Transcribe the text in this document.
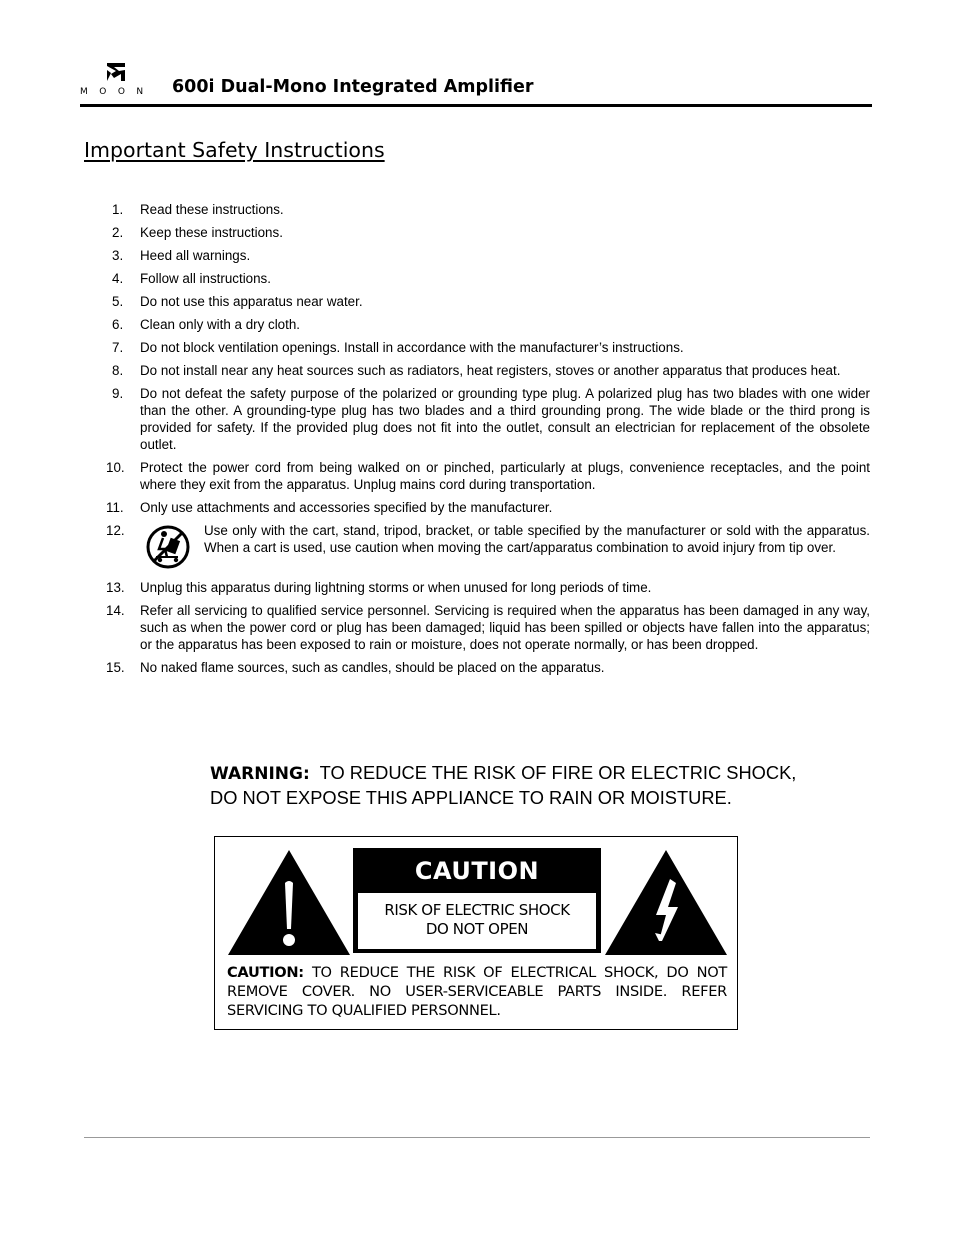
MOON 600i Dual-Mono Integrated Amplifier
Important Safety Instructions
1. Read these instructions.
2. Keep these instructions.
3. Heed all warnings.
4. Follow all instructions.
5. Do not use this apparatus near water.
6. Clean only with a dry cloth.
7. Do not block ventilation openings. Install in accordance with the manufacturer’s instructions.
8. Do not install near any heat sources such as radiators, heat registers, stoves or another apparatus that produces heat.
9. Do not defeat the safety purpose of the polarized or grounding type plug. A polarized plug has two blades with one wider than the other. A grounding-type plug has two blades and a third grounding prong. The wide blade or the third prong is provided for safety. If the provided plug does not fit into the outlet, consult an electrician for replacement of the obsolete outlet.
10. Protect the power cord from being walked on or pinched, particularly at plugs, convenience receptacles, and the point where they exit from the apparatus. Unplug mains cord during transportation.
11. Only use attachments and accessories specified by the manufacturer.
12.	Use only with the cart, stand, tripod, bracket, or table specified by the manufacturer or sold with the apparatus. When a cart is used, use caution when moving the cart/apparatus combination to avoid injury from tip over.
13. Unplug this apparatus during lightning storms or when unused for long periods of time.
14. Refer all servicing to qualified service personnel. Servicing is required when the apparatus has been damaged in any way, such as when the power cord or plug has been damaged; liquid has been spilled or objects have fallen into the apparatus; or the apparatus has been exposed to rain or moisture, does not operate normally, or has been dropped.
15. No naked flame sources, such as candles, should be placed on the apparatus.
WARNING: TO REDUCE THE RISK OF FIRE OR ELECTRIC SHOCK,
DO NOT EXPOSE THIS APPLIANCE TO RAIN OR MOISTURE.
CAUTION
RISK OF ELECTRIC SHOCK
DO NOT OPEN
CAUTION: TO REDUCE THE RISK OF ELECTRICAL SHOCK, DO NOT REMOVE COVER. NO USER-SERVICEABLE PARTS INSIDE. REFER SERVICING TO QUALIFIED PERSONNEL.
